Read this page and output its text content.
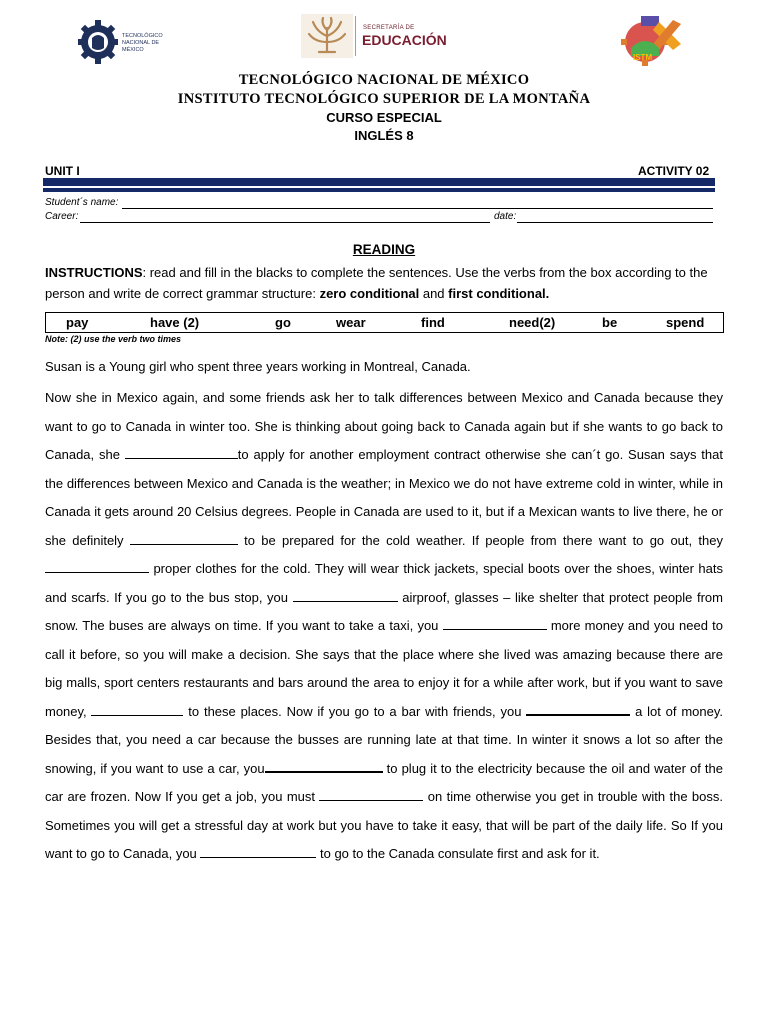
TECNOLÓGICO
NACIONAL DE MÉXICO
SECRETARÍA DE
EDUCACIÓN
ISTM
TECNOLÓGICO NACIONAL DE MÉXICO
INSTITUTO TECNOLÓGICO SUPERIOR DE LA MONTAÑA
CURSO ESPECIAL
INGLÉS 8
UNIT I	ACTIVITY 02
Student´s name:
Career:	date:
READING
INSTRUCTIONS: read and fill in the blacks to complete the sentences. Use the verbs from the box according to the person and write de correct grammar structure: zero conditional and first conditional.
pay	have (2)	go	wear	find	need(2)	be	spend
Note: (2) use the verb two times

Susan is a Young girl who spent three years working in Montreal, Canada.

Now she in Mexico again, and some friends ask her to talk differences between Mexico and Canada because they want to go to Canada in winter too. She is thinking about going back to Canada again but if she wants to go back to Canada, she	to apply for another employment contract otherwise she can´t go. Susan says that the differences between Mexico and Canada is the weather; in Mexico we do not have extreme cold in winter, while in Canada it gets around 20 Celsius degrees. People in Canada are used to it, but if a Mexican wants to live there, he or she definitely	to be prepared for the cold weather. If people from there want to go out, they  proper clothes for the cold. They will wear thick jackets, special boots over the shoes, winter hats and scarfs. If you go to the bus stop, you	airproof, glasses – like shelter that protect people from snow. The buses are always on time. If you want to take a taxi, you	more money and you need to call it before, so you will make a decision. She says that the place where she lived was amazing because there are big malls, sport centers restaurants and bars around the area to enjoy it for a while after work, but if you want to save money,	to these places. Now if you go to a bar with friends, you	a lot of money. Besides that, you need a car because the busses are running late at that time. In winter it snows a lot so after the snowing, if you want to use a car, you	to plug it to the electricity because the oil and water of the car are frozen. Now If you get a job, you must	on time otherwise you get in trouble with the boss. Sometimes you will get a stressful day at work but you have to take it easy, that will be part of the daily life. So If you want to go to Canada, you	to go to the Canada consulate first and ask for it.
